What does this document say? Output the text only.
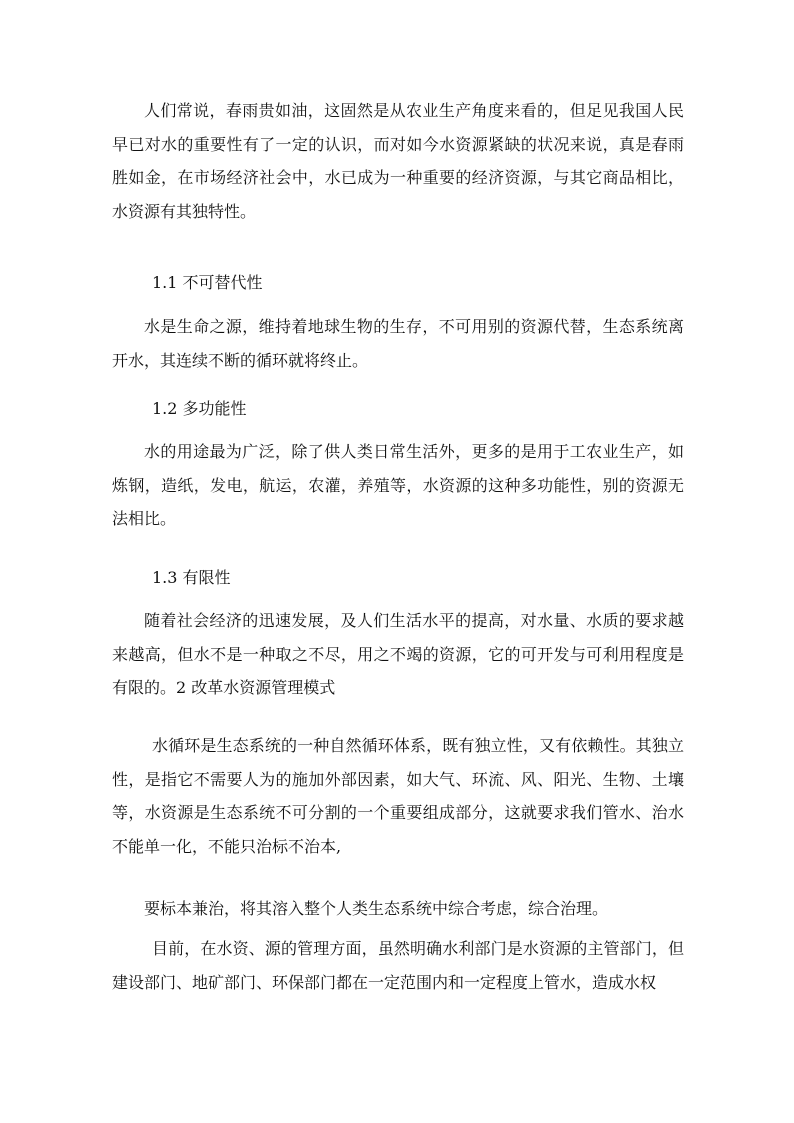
人们常说，春雨贵如油，这固然是从农业生产角度来看的，但足见我国人民早已对水的重要性有了一定的认识，而对如今水资源紧缺的状况来说，真是春雨胜如金，在市场经济社会中，水已成为一种重要的经济资源，与其它商品相比，水资源有其独特性。

1.1 不可替代性

水是生命之源，维持着地球生物的生存，不可用别的资源代替，生态系统离开水，其连续不断的循环就将终止。

1.2 多功能性

水的用途最为广泛，除了供人类日常生活外，更多的是用于工农业生产，如炼钢，造纸，发电，航运，农灌，养殖等，水资源的这种多功能性，别的资源无法相比。

1.3 有限性

随着社会经济的迅速发展，及人们生活水平的提高，对水量、水质的要求越来越高，但水不是一种取之不尽，用之不竭的资源，它的可开发与可利用程度是有限的。2 改革水资源管理模式

水循环是生态系统的一种自然循环体系，既有独立性，又有依赖性。其独立性，是指它不需要人为的施加外部因素，如大气、环流、风、阳光、生物、土壤等，水资源是生态系统不可分割的一个重要组成部分，这就要求我们管水、治水不能单一化，不能只治标不治本,

要标本兼治，将其溶入整个人类生态系统中综合考虑，综合治理。

目前，在水资、源的管理方面，虽然明确水利部门是水资源的主管部门，但建设部门、地矿部门、环保部门都在一定范围内和一定程度上管水，造成水权
